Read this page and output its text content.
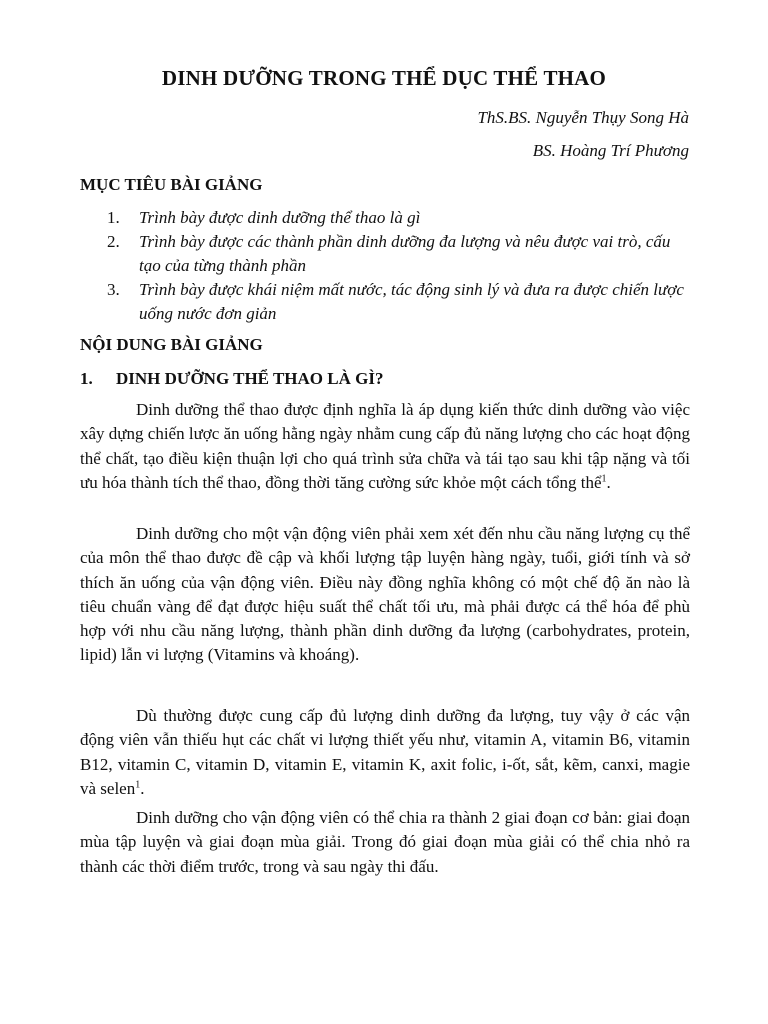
DINH DƯỠNG TRONG THỂ DỤC THỂ THAO
ThS.BS. Nguyễn Thụy Song Hà
BS. Hoàng Trí Phương
MỤC TIÊU BÀI GIẢNG
1.	Trình bày được dinh dưỡng thể thao là gì
2.	Trình bày được các thành phần dinh dưỡng đa lượng và nêu được vai trò, cấu tạo của từng thành phần
3.	Trình bày được khái niệm mất nước, tác động sinh lý và đưa ra được chiến lược uống nước đơn giản
NỘI DUNG BÀI GIẢNG
1. DINH DƯỠNG THỂ THAO LÀ GÌ?

Dinh dưỡng thể thao được định nghĩa là áp dụng kiến thức dinh dưỡng vào việc xây dựng chiến lược ăn uống hằng ngày nhằm cung cấp đủ năng lượng cho các hoạt động thể chất, tạo điều kiện thuận lợi cho quá trình sửa chữa và tái tạo sau khi tập nặng và tối ưu hóa thành tích thể thao, đồng thời tăng cường sức khỏe một cách tổng thể$^1$.

Dinh dưỡng cho một vận động viên phải xem xét đến nhu cầu năng lượng cụ thể của môn thể thao được đề cập và khối lượng tập luyện hàng ngày, tuổi, giới tính và sở thích ăn uống của vận động viên. Điều này đồng nghĩa không có một chế độ ăn nào là tiêu chuẩn vàng để đạt được hiệu suất thể chất tối ưu, mà phải được cá thể hóa để phù hợp với nhu cầu năng lượng, thành phần dinh dưỡng đa lượng (carbohydrates, protein, lipid) lẫn vi lượng (Vitamins và khoáng).

Dù thường được cung cấp đủ lượng dinh dưỡng đa lượng, tuy vậy ở các vận động viên vẫn thiếu hụt các chất vi lượng thiết yếu như, vitamin A, vitamin B6, vitamin B12, vitamin C, vitamin D, vitamin E, vitamin K, axit folic, i-ốt, sắt, kẽm, canxi, magie và selen$^1$.

Dinh dưỡng cho vận động viên có thể chia ra thành 2 giai đoạn cơ bản: giai đoạn mùa tập luyện và giai đoạn mùa giải. Trong đó giai đoạn mùa giải có thể chia nhỏ ra thành các thời điểm trước, trong và sau ngày thi đấu.
